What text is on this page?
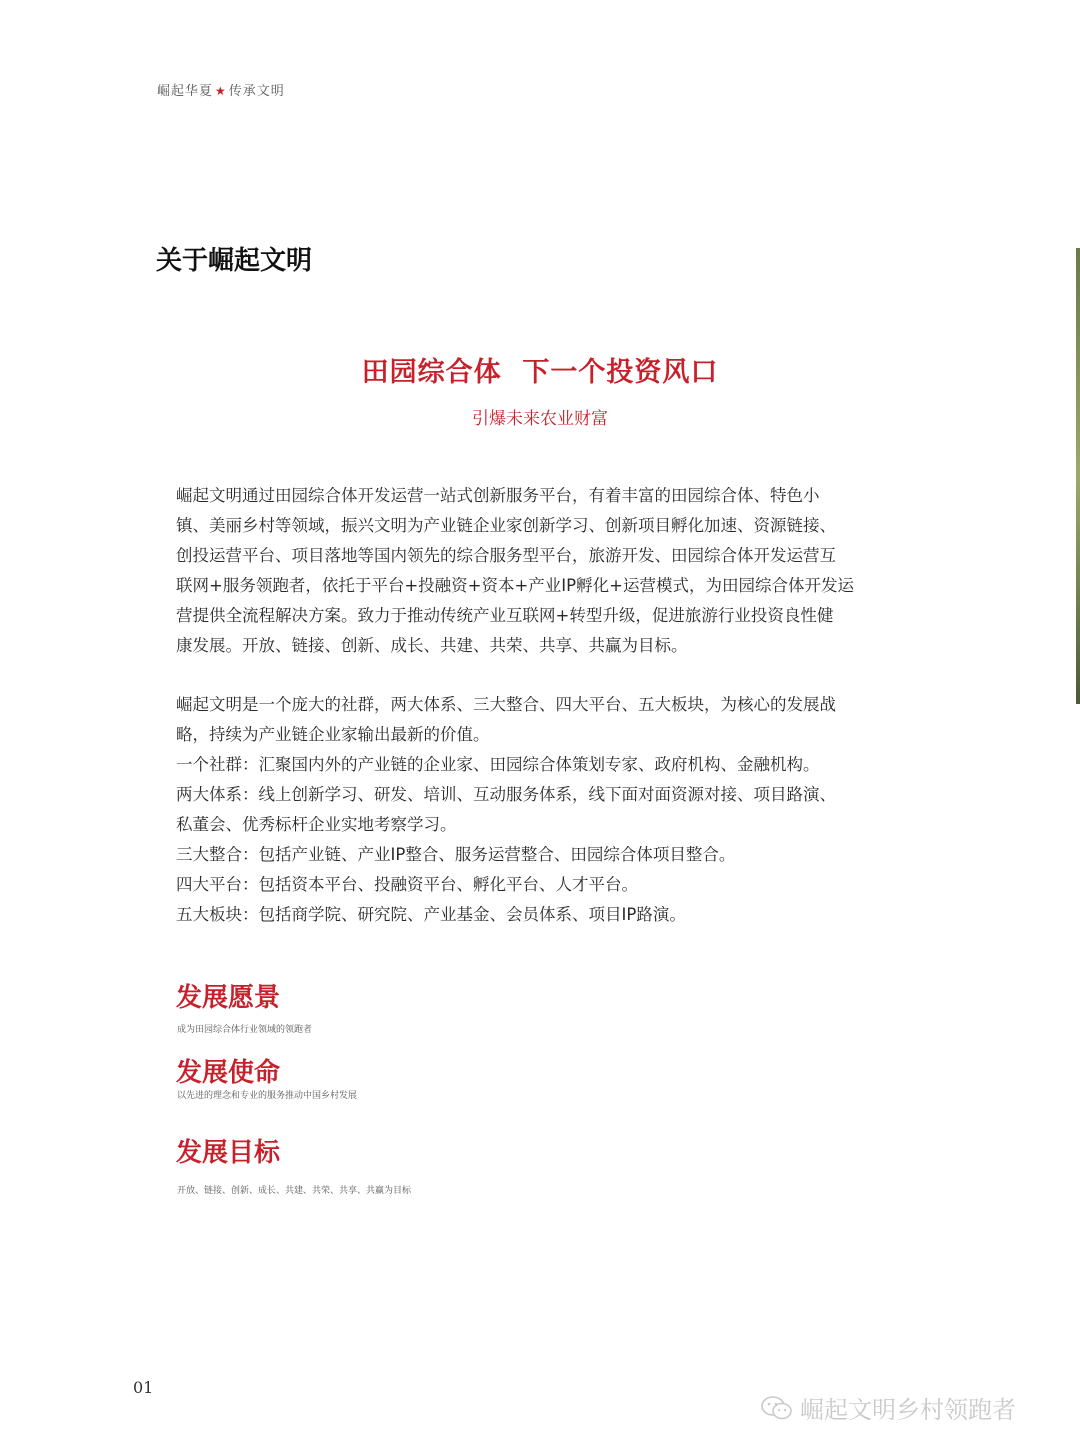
崛起华夏 ★ 传承文明
关于崛起文明
田园综合体  下一个投资风口
引爆未来农业财富

崛起文明通过田园综合体开发运营一站式创新服务平台，有着丰富的田园综合体、特色小
镇、美丽乡村等领域，振兴文明为产业链企业家创新学习、创新项目孵化加速、资源链接、
创投运营平台、项目落地等国内领先的综合服务型平台，旅游开发、田园综合体开发运营互
联网+服务领跑者，依托于平台+投融资+资本+产业IP孵化+运营模式，为田园综合体开发运
营提供全流程解决方案。致力于推动传统产业互联网+转型升级，促进旅游行业投资良性健
康发展。开放、链接、创新、成长、共建、共荣、共享、共赢为目标。

崛起文明是一个庞大的社群，两大体系、三大整合、四大平台、五大板块，为核心的发展战
略，持续为产业链企业家输出最新的价值。
一个社群：汇聚国内外的产业链的企业家、田园综合体策划专家、政府机构、金融机构。
两大体系：线上创新学习、研发、培训、互动服务体系，线下面对面资源对接、项目路演、
私董会、优秀标杆企业实地考察学习。
三大整合：包括产业链、产业IP整合、服务运营整合、田园综合体项目整合。
四大平台：包括资本平台、投融资平台、孵化平台、人才平台。
五大板块：包括商学院、研究院、产业基金、会员体系、项目IP路演。

发展愿景
成为田园综合体行业领域的领跑者
发展使命
以先进的理念和专业的服务推动中国乡村发展
发展目标
开放、链接、创新、成长、共建、共荣、共享、共赢为目标
01
崛起文明乡村领跑者
